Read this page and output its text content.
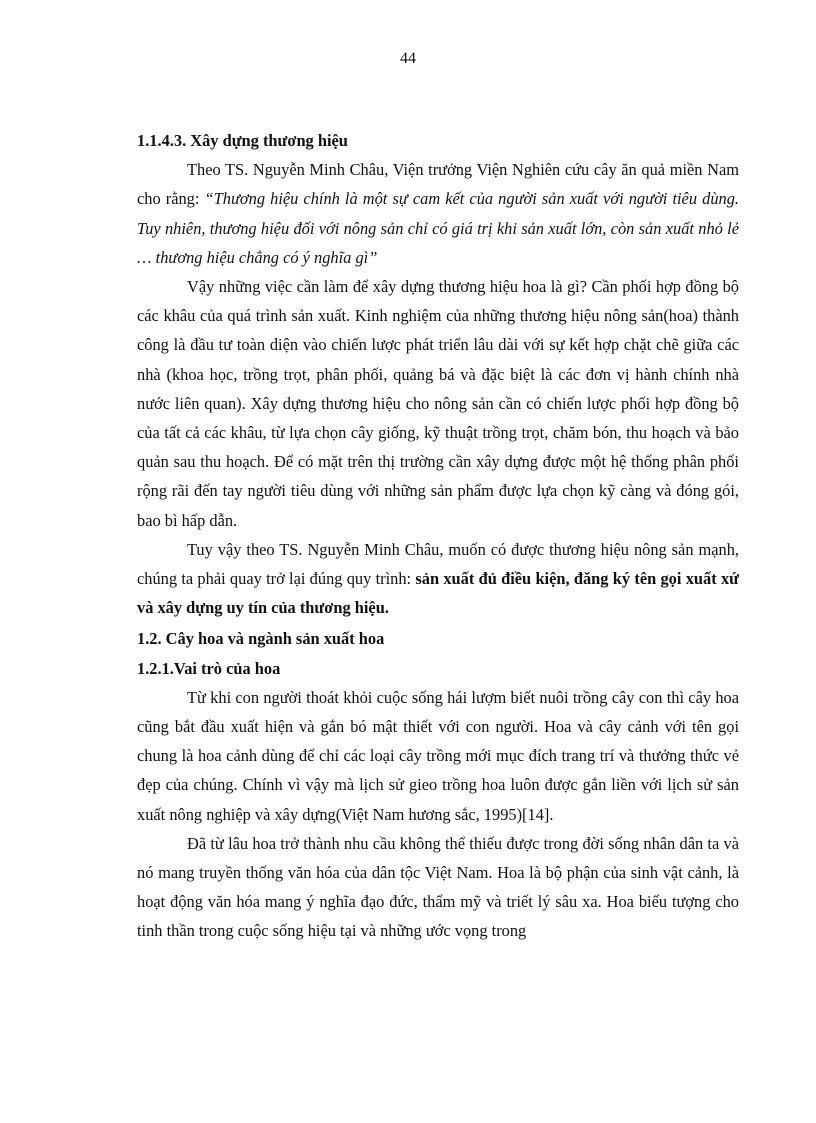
44
1.1.4.3. Xây dựng thương hiệu

Theo TS. Nguyễn Minh Châu, Viện trưởng Viện Nghiên cứu cây ăn quả miền Nam cho rằng: “Thương hiệu chính là một sự cam kết của người sản xuất với người tiêu dùng. Tuy nhiên, thương hiệu đối với nông sản chỉ có giá trị khi sản xuất lớn, còn sản xuất nhỏ lẻ … thương hiệu chẳng có ý nghĩa gì”

Vậy những việc cần làm để xây dựng thương hiệu hoa là gì? Cần phối hợp đồng bộ các khâu của quá trình sản xuất. Kinh nghiệm của những thương hiệu nông sản(hoa) thành công là đầu tư toàn diện vào chiến lược phát triển lâu dài với sự kết hợp chặt chẽ giữa các nhà (khoa học, trồng trọt, phân phối, quảng bá và đặc biệt là các đơn vị hành chính nhà nước liên quan). Xây dựng thương hiệu cho nông sản cần có chiến lược phối hợp đồng bộ của tất cả các khâu, từ lựa chọn cây giống, kỹ thuật trồng trọt, chăm bón, thu hoạch và bảo quản sau thu hoạch. Để có mặt trên thị trường cần xây dựng được một hệ thống phân phối rộng rãi đến tay người tiêu dùng với những sản phẩm được lựa chọn kỹ càng và đóng gói, bao bì hấp dẫn.

Tuy vậy theo TS. Nguyễn Minh Châu, muốn có được thương hiệu nông sản mạnh, chúng ta phải quay trở lại đúng quy trình: sản xuất đủ điều kiện, đăng ký tên gọi xuất xứ và xây dựng uy tín của thương hiệu.

1.2. Cây hoa và ngành sản xuất hoa
1.2.1.Vai trò của hoa

Từ khi con người thoát khỏi cuộc sống hái lượm biết nuôi trồng cây con thì cây hoa cũng bắt đầu xuất hiện và gắn bó mật thiết với con người. Hoa và cây cảnh với tên gọi chung là hoa cảnh dùng để chỉ các loại cây trồng mới mục đích trang trí và thưởng thức vẻ đẹp của chúng. Chính vì vậy mà lịch sử gieo trồng hoa luôn được gắn liền với lịch sử sản xuất nông nghiệp và xây dựng(Việt Nam hương sắc, 1995)[14].

Đã từ lâu hoa trở thành nhu cầu không thể thiếu được trong đời sống nhân dân ta và nó mang truyền thống văn hóa của dân tộc Việt Nam. Hoa là bộ phận của sinh vật cảnh, là hoạt động văn hóa mang ý nghĩa đạo đức, thẩm mỹ và triết lý sâu xa. Hoa biểu tượng cho tinh thần trong cuộc sống hiệu tại và những ước vọng trong
